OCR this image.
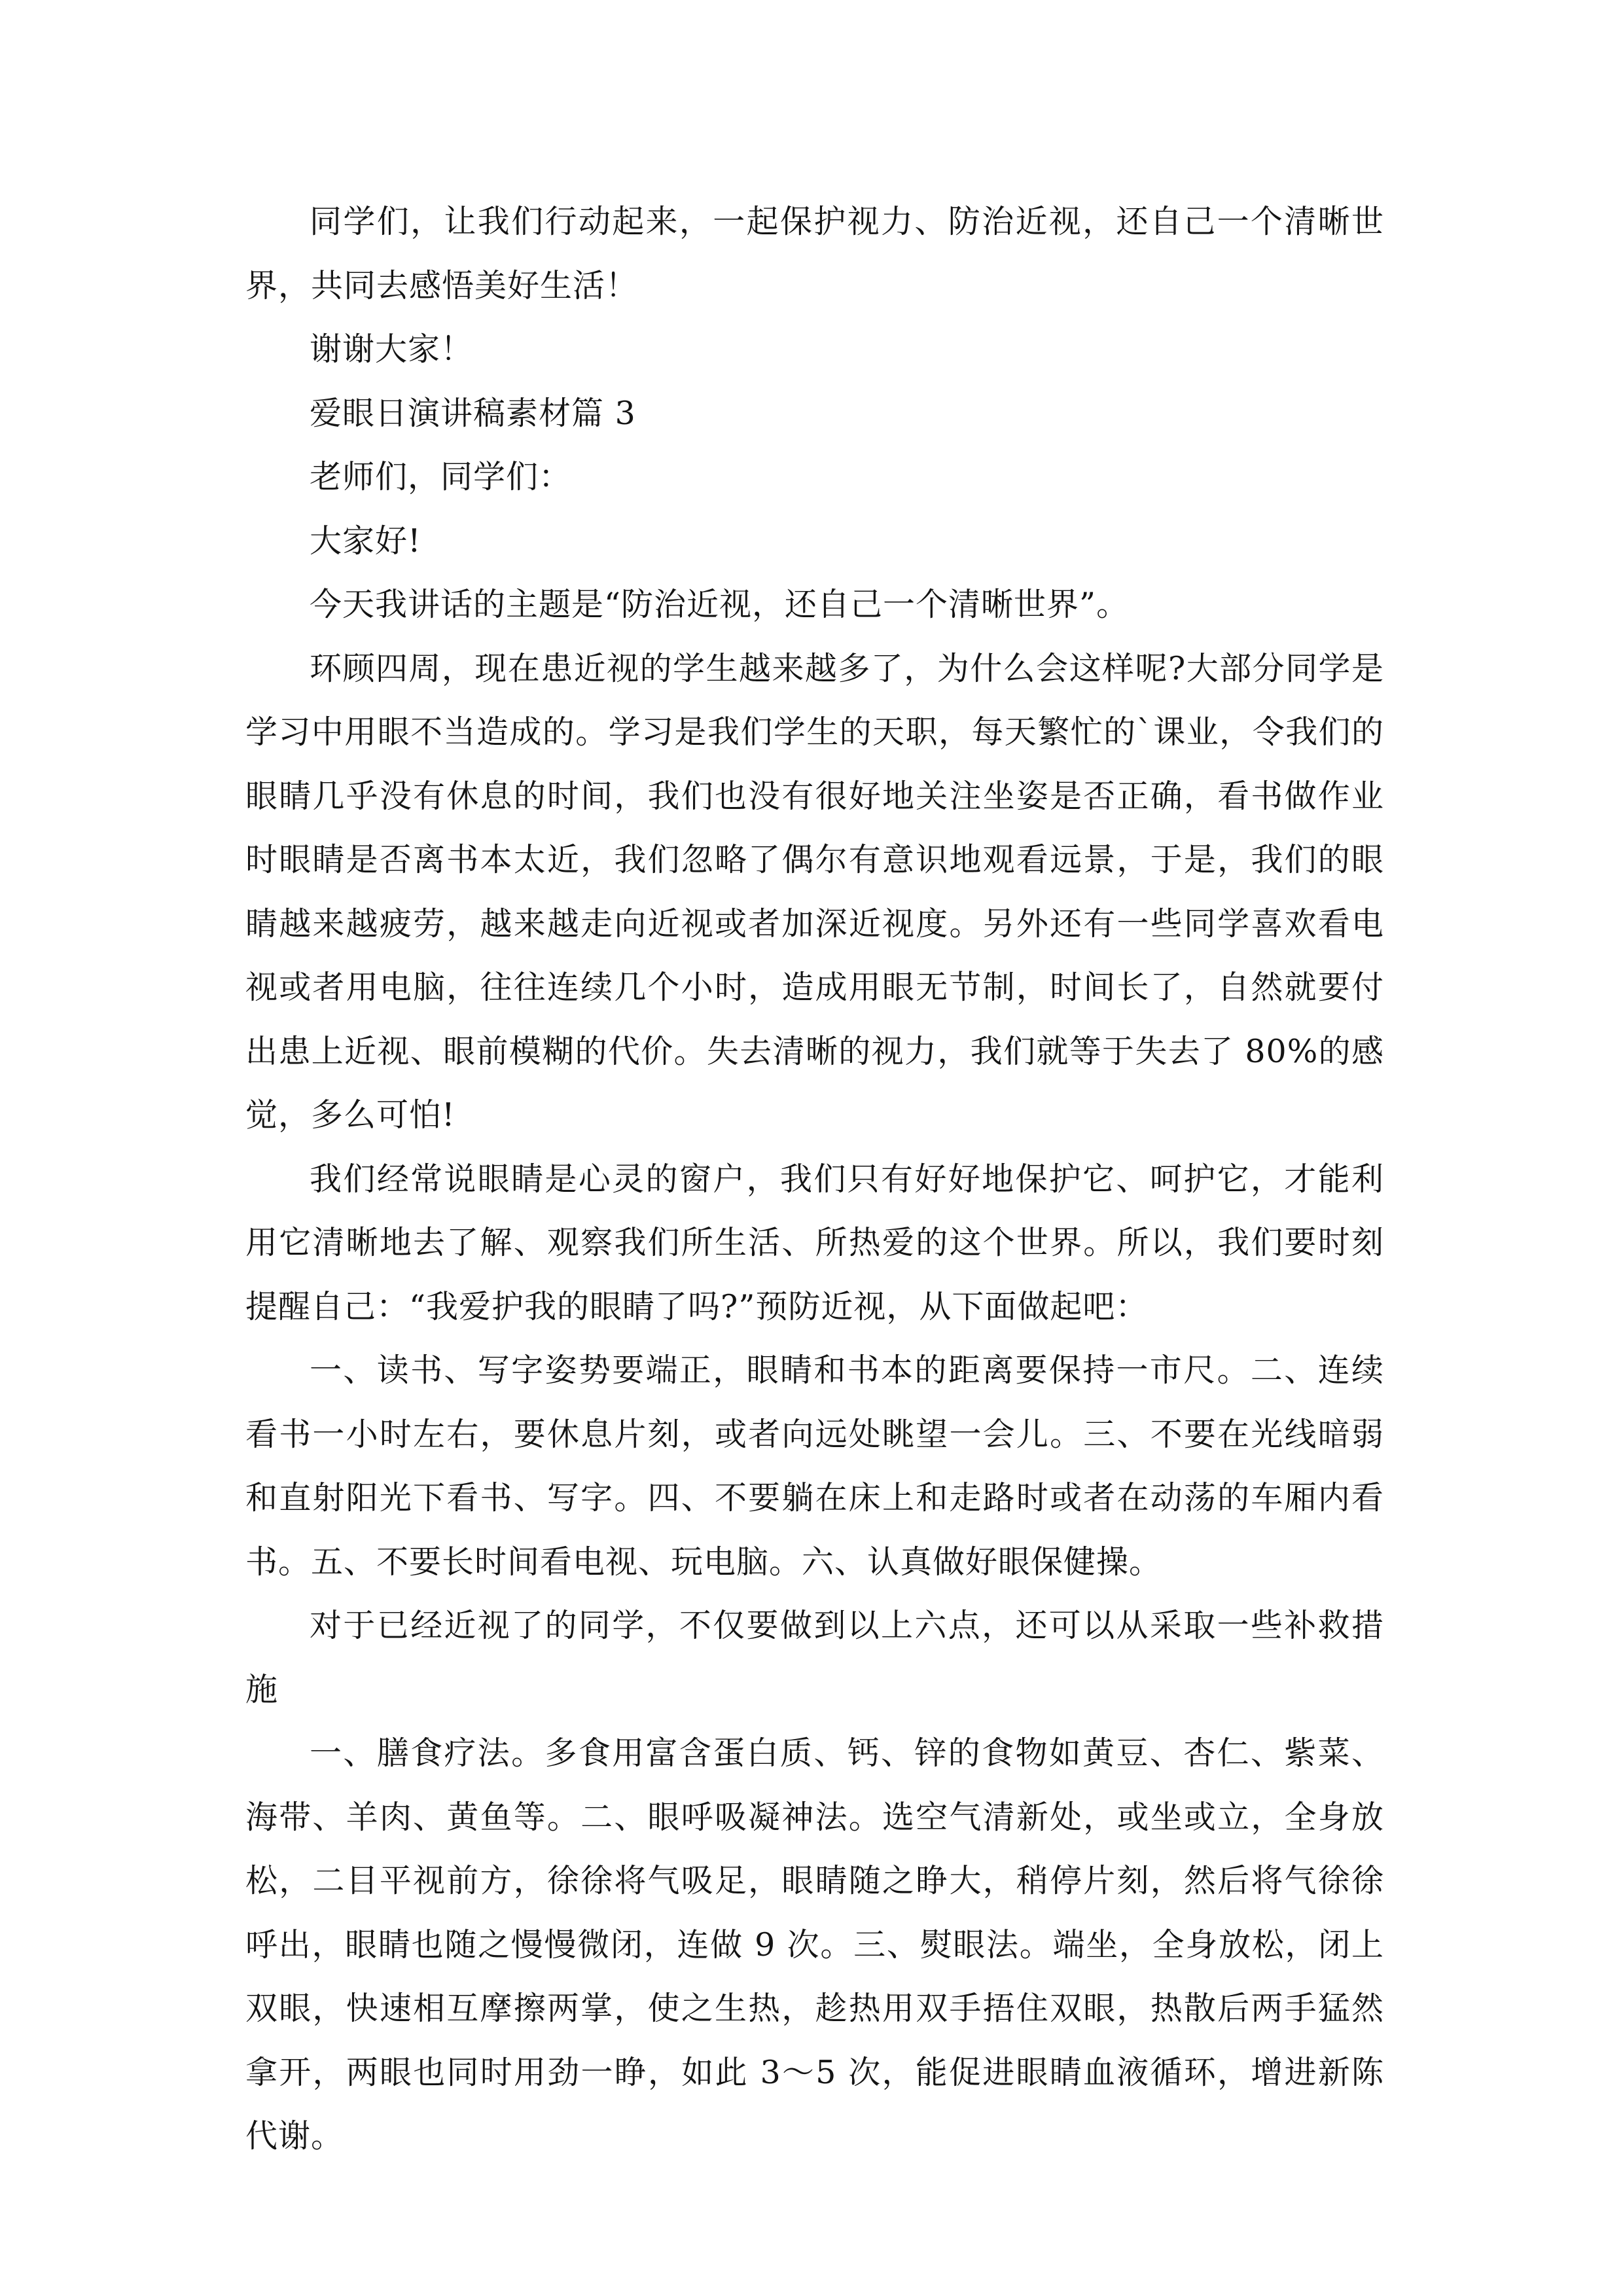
同学们，让我们行动起来，一起保护视力、防治近视，还自己一个清晰世界，共同去感悟美好生活！

谢谢大家！

爱眼日演讲稿素材篇 3

老师们，同学们：

大家好!

今天我讲话的主题是“防治近视，还自己一个清晰世界”。

环顾四周，现在患近视的学生越来越多了，为什么会这样呢?大部分同学是学习中用眼不当造成的。学习是我们学生的天职，每天繁忙的`课业，令我们的眼睛几乎没有休息的时间，我们也没有很好地关注坐姿是否正确，看书做作业时眼睛是否离书本太近，我们忽略了偶尔有意识地观看远景，于是，我们的眼睛越来越疲劳，越来越走向近视或者加深近视度。另外还有一些同学喜欢看电视或者用电脑，往往连续几个小时，造成用眼无节制，时间长了，自然就要付出患上近视、眼前模糊的代价。失去清晰的视力，我们就等于失去了 80%的感觉，多么可怕!

我们经常说眼睛是心灵的窗户，我们只有好好地保护它、呵护它，才能利用它清晰地去了解、观察我们所生活、所热爱的这个世界。所以，我们要时刻提醒自己：“我爱护我的眼睛了吗?”预防近视，从下面做起吧：

一、读书、写字姿势要端正，眼睛和书本的距离要保持一市尺。二、连续看书一小时左右，要休息片刻，或者向远处眺望一会儿。三、不要在光线暗弱和直射阳光下看书、写字。四、不要躺在床上和走路时或者在动荡的车厢内看书。五、不要长时间看电视、玩电脑。六、认真做好眼保健操。

对于已经近视了的同学，不仅要做到以上六点，还可以从采取一些补救措施

一、膳食疗法。多食用富含蛋白质、钙、锌的食物如黄豆、杏仁、紫菜、海带、羊肉、黄鱼等。二、眼呼吸凝神法。选空气清新处，或坐或立，全身放松，二目平视前方，徐徐将气吸足，眼睛随之睁大，稍停片刻，然后将气徐徐呼出，眼睛也随之慢慢微闭，连做 9 次。三、熨眼法。端坐，全身放松，闭上双眼，快速相互摩擦两掌，使之生热，趁热用双手捂住双眼，热散后两手猛然拿开，两眼也同时用劲一睁，如此 3～5 次，能促进眼睛血液循环，增进新陈代谢。
